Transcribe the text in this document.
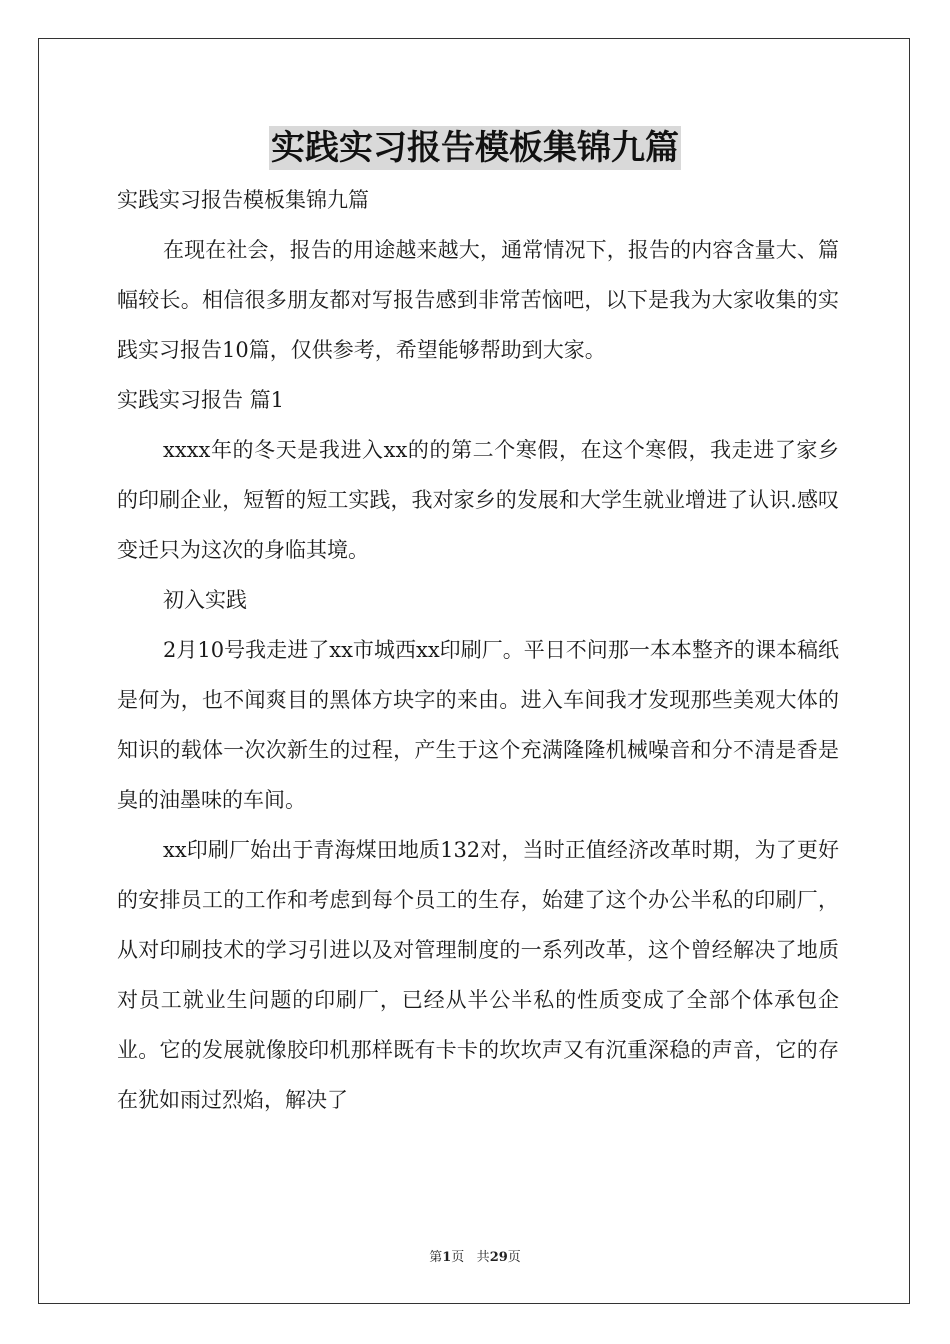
实践实习报告模板集锦九篇

实践实习报告模板集锦九篇

在现在社会，报告的用途越来越大，通常情况下，报告的内容含量大、篇幅较长。相信很多朋友都对写报告感到非常苦恼吧，以下是我为大家收集的实践实习报告10篇，仅供参考，希望能够帮助到大家。

实践实习报告 篇1

xxxx年的冬天是我进入xx的的第二个寒假，在这个寒假，我走进了家乡的印刷企业，短暂的短工实践，我对家乡的发展和大学生就业增进了认识.感叹变迁只为这次的身临其境。

初入实践

2月10号我走进了xx市城西xx印刷厂。平日不问那一本本整齐的课本稿纸是何为，也不闻爽目的黑体方块字的来由。进入车间我才发现那些美观大体的知识的载体一次次新生的过程，产生于这个充满隆隆机械噪音和分不清是香是臭的油墨味的车间。

xx印刷厂始出于青海煤田地质132对，当时正值经济改革时期，为了更好的安排员工的工作和考虑到每个员工的生存，始建了这个办公半私的印刷厂，从对印刷技术的学习引进以及对管理制度的一系列改革，这个曾经解决了地质对员工就业生问题的印刷厂，已经从半公半私的性质变成了全部个体承包企业。它的发展就像胶印机那样既有卡卡的坎坎声又有沉重深稳的声音，它的存在犹如雨过烈焰，解决了

第1页 共29页
